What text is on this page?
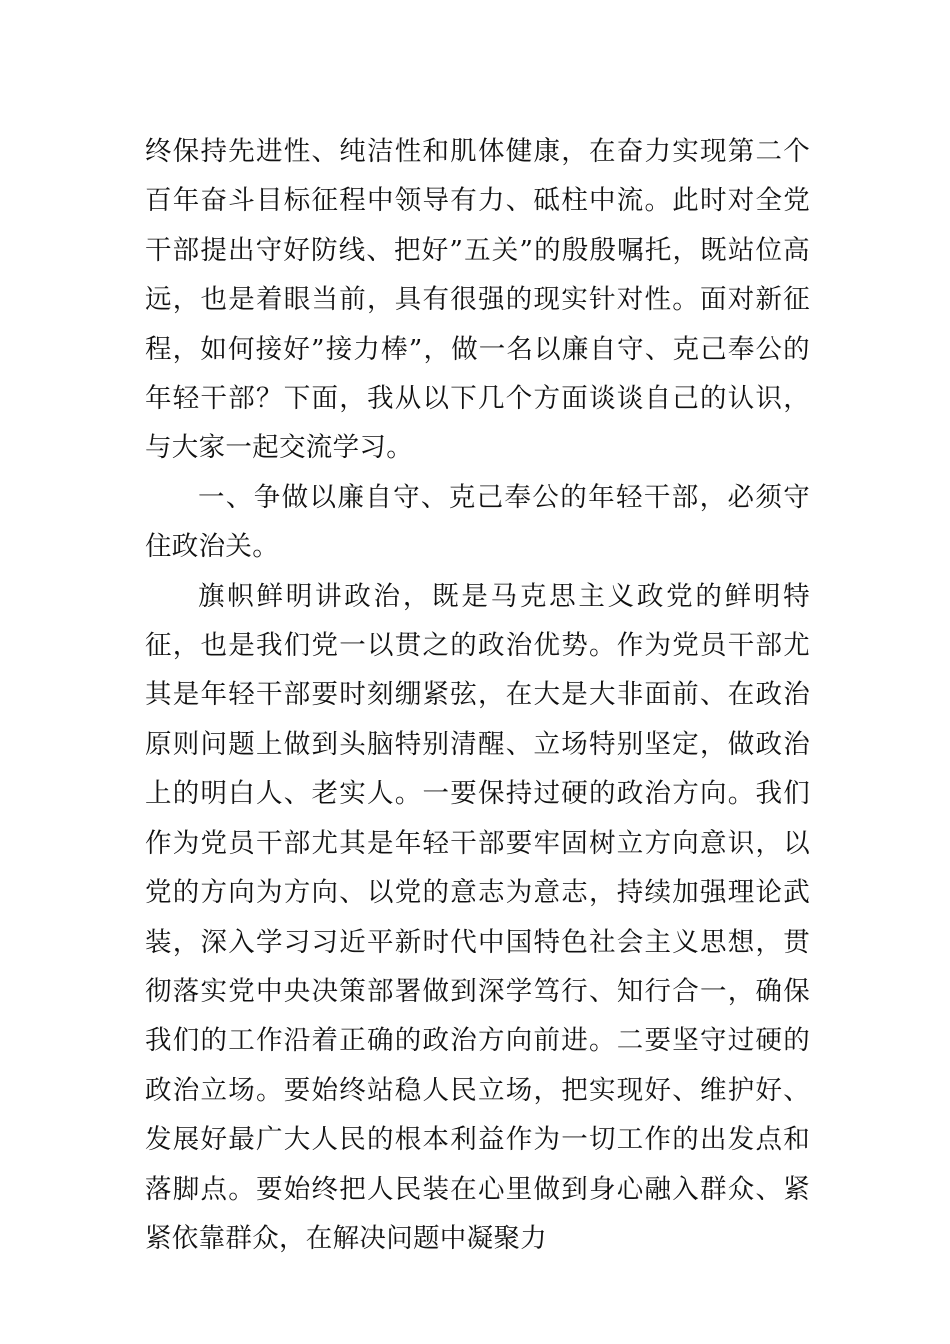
终保持先进性、纯洁性和肌体健康，在奋力实现第二个百年奋斗目标征程中领导有力、砥柱中流。此时对全党干部提出守好防线、把好”五关”的殷殷嘱托，既站位高远，也是着眼当前，具有很强的现实针对性。面对新征程，如何接好”接力棒”，做一名以廉自守、克己奉公的年轻干部？下面，我从以下几个方面谈谈自己的认识，与大家一起交流学习。

一、争做以廉自守、克己奉公的年轻干部，必须守住政治关。

旗帜鲜明讲政治，既是马克思主义政党的鲜明特征，也是我们党一以贯之的政治优势。作为党员干部尤其是年轻干部要时刻绷紧弦，在大是大非面前、在政治原则问题上做到头脑特别清醒、立场特别坚定，做政治上的明白人、老实人。一要保持过硬的政治方向。我们作为党员干部尤其是年轻干部要牢固树立方向意识，以党的方向为方向、以党的意志为意志，持续加强理论武装，深入学习习近平新时代中国特色社会主义思想，贯彻落实党中央决策部署做到深学笃行、知行合一，确保我们的工作沿着正确的政治方向前进。二要坚守过硬的政治立场。要始终站稳人民立场，把实现好、维护好、发展好最广大人民的根本利益作为一切工作的出发点和落脚点。要始终把人民装在心里做到身心融入群众、紧紧依靠群众，在解决问题中凝聚力
